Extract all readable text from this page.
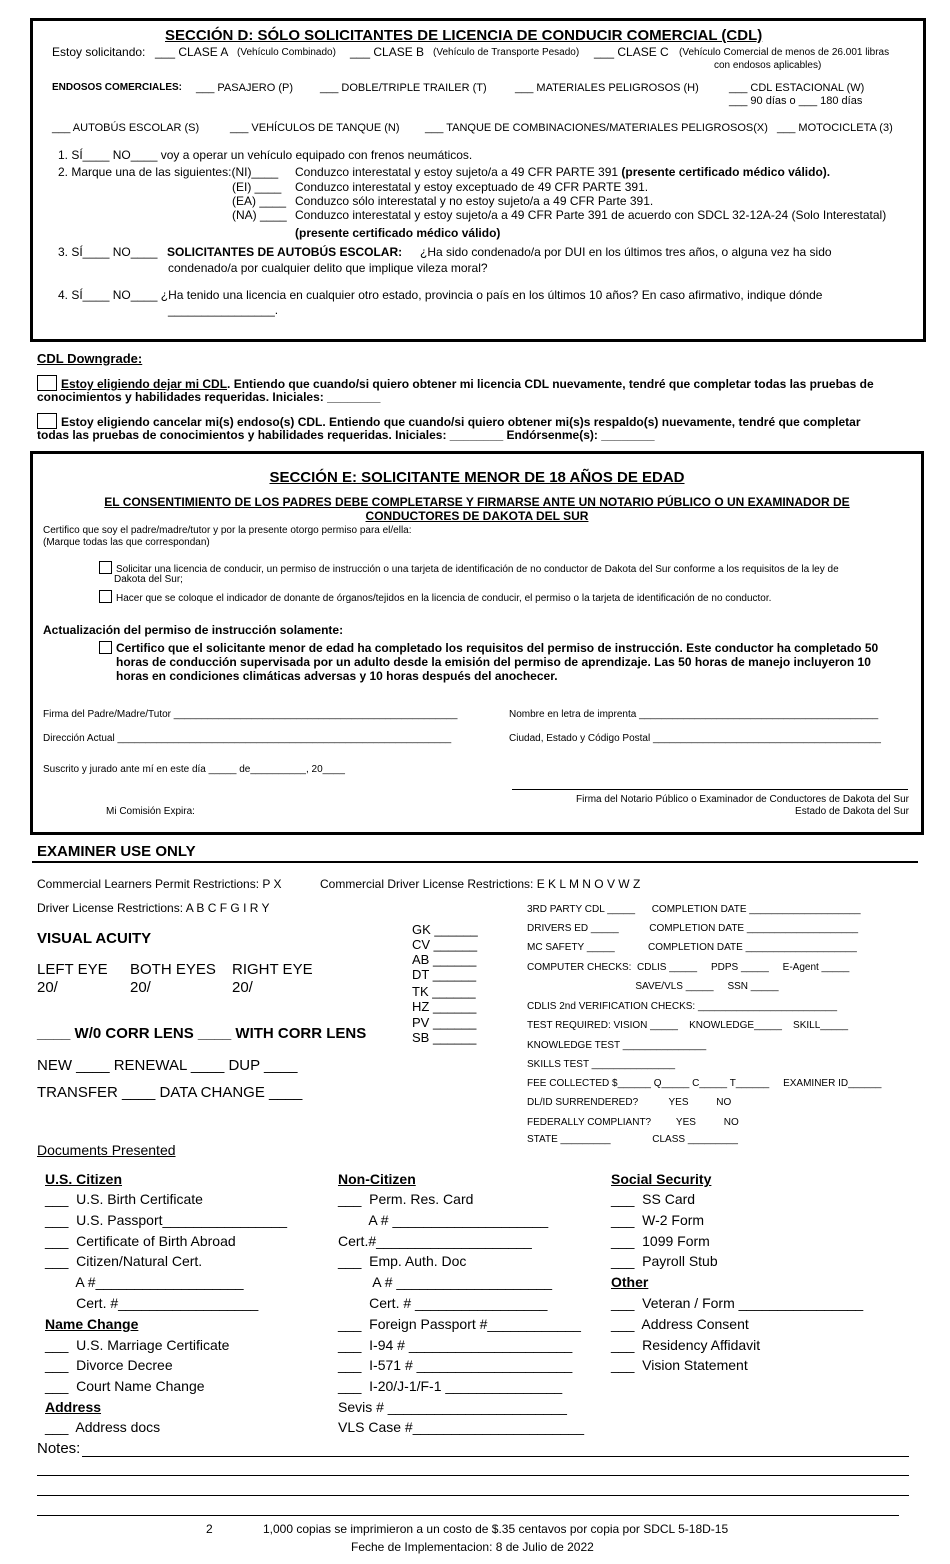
SECCIÓN D: SÓLO SOLICITANTES DE LICENCIA DE CONDUCIR COMERCIAL (CDL)
Estoy solicitando: ___ CLASE A (Vehículo Combinado) ___ CLASE B (Vehículo de Transporte Pesado) ___ CLASE C (Vehículo Comercial de menos de 26.001 libras
con endosos aplicables)
ENDOSOS COMERCIALES: ___ PASAJERO (P) ___ DOBLE/TRIPLE TRAILER (T)	___ MATERIALES PELIGROSOS (H)	___ CDL ESTACIONAL (W)
___ 90 días o ___ 180 días
___ AUTOBÚS ESCOLAR (S)	___ VEHÍCULOS DE TANQUE (N) ___ TANQUE DE COMBINACIONES/MATERIALES PELIGROSOS(X) ___ MOTOCICLETA (3)
1. SÍ____ NO____ voy a operar un vehículo equipado con frenos neumáticos.
2. Marque una de las siguientes:(NI)____ Conduzco interestatal y estoy sujeto/a a 49 CFR PARTE 391 (presente certificado médico válido).
(EI) ____ Conduzco interestatal y estoy exceptuado de 49 CFR PARTE 391.
(EA) ____ Conduzco sólo interestatal y no estoy sujeto/a a 49 CFR Parte 391.
(NA) ____ Conduzco interestatal y estoy sujeto/a a 49 CFR Parte 391 de acuerdo con SDCL 32-12A-24 (Solo Interestatal)
(presente certificado médico válido)
3. SÍ____ NO____ SOLICITANTES DE AUTOBÚS ESCOLAR: ¿Ha sido condenado/a por DUI en los últimos tres años, o alguna vez ha sido
condenado/a por cualquier delito que implique vileza moral?
4. SÍ____ NO____ ¿Ha tenido una licencia en cualquier otro estado, provincia o país en los últimos 10 años? En caso afirmativo, indique dónde
________________.
CDL Downgrade:
Estoy eligiendo dejar mi CDL. Entiendo que cuando/si quiero obtener mi licencia CDL nuevamente, tendré que completar todas las pruebas de
conocimientos y habilidades requeridas. Iniciales: ________
Estoy eligiendo cancelar mi(s) endoso(s) CDL. Entiendo que cuando/si quiero obtener mi(s)s respaldo(s) nuevamente, tendré que completar
todas las pruebas de conocimientos y habilidades requeridas. Iniciales: ________ Endórsenme(s): ________
SECCIÓN E: SOLICITANTE MENOR DE 18 AÑOS DE EDAD
EL CONSENTIMIENTO DE LOS PADRES DEBE COMPLETARSE Y FIRMARSE ANTE UN NOTARIO PÚBLICO O UN EXAMINADOR DE
CONDUCTORES DE DAKOTA DEL SUR
Certifico que soy el padre/madre/tutor y por la presente otorgo permiso para el/ella:
(Marque todas las que correspondan)
Solicitar una licencia de conducir, un permiso de instrucción o una tarjeta de identificación de no conductor de Dakota del Sur conforme a los requisitos de la ley de
Dakota del Sur;
Hacer que se coloque el indicador de donante de órganos/tejidos en la licencia de conducir, el permiso o la tarjeta de identificación de no conductor.
Actualización del permiso de instrucción solamente:
Certifico que el solicitante menor de edad ha completado los requisitos del permiso de instrucción. Este conductor ha completado 50
horas de conducción supervisada por un adulto desde la emisión del permiso de aprendizaje. Las 50 horas de manejo incluyeron 10
horas en condiciones climáticas adversas y 10 horas después del anochecer.
Firma del Padre/Madre/Tutor ___________________________________________________	Nombre en letra de imprenta ___________________________________________
Dirección Actual ____________________________________________________________	Ciudad, Estado y Código Postal _________________________________________
Suscrito y jurado ante mí en este día _____ de__________, 20____
Firma del Notario Público o Examinador de Conductores de Dakota del Sur
Estado de Dakota del Sur
Mi Comisión Expira:
EXAMINER USE ONLY
Commercial Learners Permit Restrictions: P X	Commercial Driver License Restrictions: E K L M N O V W Z
Driver License Restrictions: A B C F G I R Y
VISUAL ACUITY
LEFT EYE BOTH EYES RIGHT EYE
20/	20/	20/
____ W/0 CORR LENS ____ WITH CORR LENS
NEW ____ RENEWAL ____ DUP ____
TRANSFER ____ DATA CHANGE ____
GK ______
CV ______
AB ______
DT ______
TK ______
HZ ______
PV ______
SB ______
3RD PARTY CDL _____      COMPLETION DATE ____________________
DRIVERS ED _____           COMPLETION DATE ____________________
MC SAFETY _____            COMPLETION DATE ____________________
COMPUTER CHECKS:  CDLIS _____     PDPS _____     E-Agent _____
SAVE/VLS _____     SSN _____
CDLIS 2nd VERIFICATION CHECKS: _________________________
TEST REQUIRED: VISION _____    KNOWLEDGE_____    SKILL_____
KNOWLEDGE TEST _______________
SKILLS TEST _______________
FEE COLLECTED $______ Q_____ C_____ T______     EXAMINER ID______
DL/ID SURRENDERED?           YES          NO
FEDERALLY COMPLIANT?         YES          NO
STATE _________               CLASS _________
Documents Presented
U.S. Citizen
___  U.S. Birth Certificate
___  U.S. Passport________________
___  Certificate of Birth Abroad
___  Citizen/Natural Cert.
A #___________________
Cert. #__________________
Name Change
___  U.S. Marriage Certificate
___  Divorce Decree
___  Court Name Change
Address
___  Address docs
Non-Citizen
___  Perm. Res. Card
A # ____________________
Cert.#____________________
___  Emp. Auth. Doc
A # ____________________
Cert. # _________________
___  Foreign Passport #____________
___  I-94 # _____________________
___  I-571 # ____________________
___  I-20/J-1/F-1 _______________
Sevis # _______________________
VLS Case #______________________
Social Security
___  SS Card
___  W-2 Form
___  1099 Form
___  Payroll Stub
Other
___  Veteran / Form ________________
___  Address Consent
___  Residency Affidavit
___  Vision Statement
Notes:
2	1,000 copias se imprimieron a un costo de $.35 centavos por copia por SDCL 5-18D-15
Feche de Implementacion: 8 de Julio de 2022
